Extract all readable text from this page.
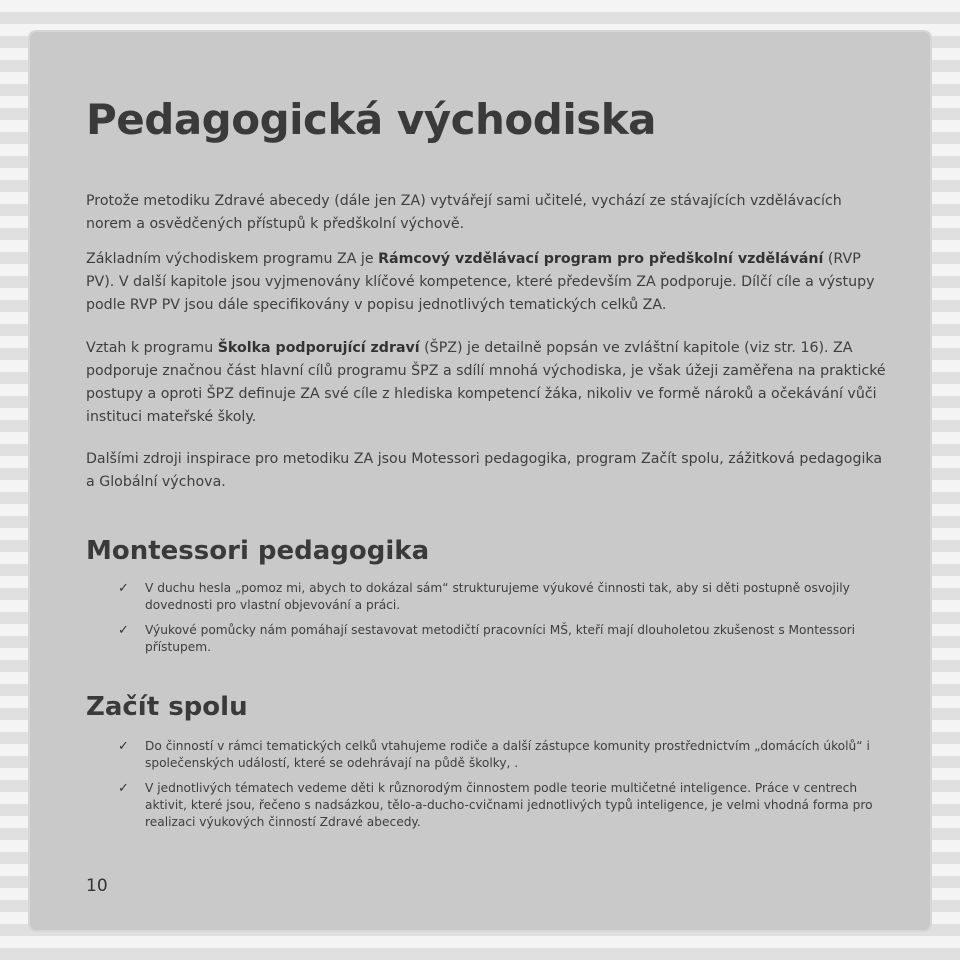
Pedagogická východiska

Protože metodiku Zdravé abecedy (dále jen ZA) vytvářejí sami učitelé, vychází ze stávajících vzdělávacích norem a osvědčených přístupů k předškolní výchově.

Základním východiskem programu ZA je Rámcový vzdělávací program pro předškolní vzdělávání (RVP PV). V další kapitole jsou vyjmenovány klíčové kompetence, které především ZA podporuje. Dílčí cíle a výstupy podle RVP PV jsou dále specifikovány v popisu jednotlivých tematických celků ZA.

Vztah k programu Školka podporující zdraví (ŠPZ) je detailně popsán ve zvláštní kapitole (viz str. 16). ZA podporuje značnou část hlavní cílů programu ŠPZ a sdílí mnohá východiska, je však úžeji zaměřena na praktické postupy a oproti ŠPZ definuje ZA své cíle z hlediska kompetencí žáka, nikoliv ve formě nároků a očekávání vůči instituci mateřské školy.

Dalšími zdroji inspirace pro metodiku ZA jsou Motessori pedagogika, program Začít spolu, zážitková pedagogika a Globální výchova.

Montessori pedagogika
✓ V duchu hesla „pomoz mi, abych to dokázal sám“ strukturujeme výukové činnosti tak, aby si děti postupně osvojily dovednosti pro vlastní objevování a práci.
✓ Výukové pomůcky nám pomáhají sestavovat metodičtí pracovníci MŠ, kteří mají dlouholetou zkušenost s Montessori přístupem.
Začít spolu
✓ Do činností v rámci tematických celků vtahujeme rodiče a další zástupce komunity prostřednictvím „domácích úkolů“ i společenských událostí, které se odehrávají na půdě školky, .
✓ V jednotlivých tématech vedeme děti k různorodým činnostem podle teorie multičetné inteligence. Práce v centrech aktivit, které jsou, řečeno s nadsázkou, tělo-a-ducho-cvičnami jednotlivých typů inteligence, je velmi vhodná forma pro realizaci výukových činností Zdravé abecedy.
10
